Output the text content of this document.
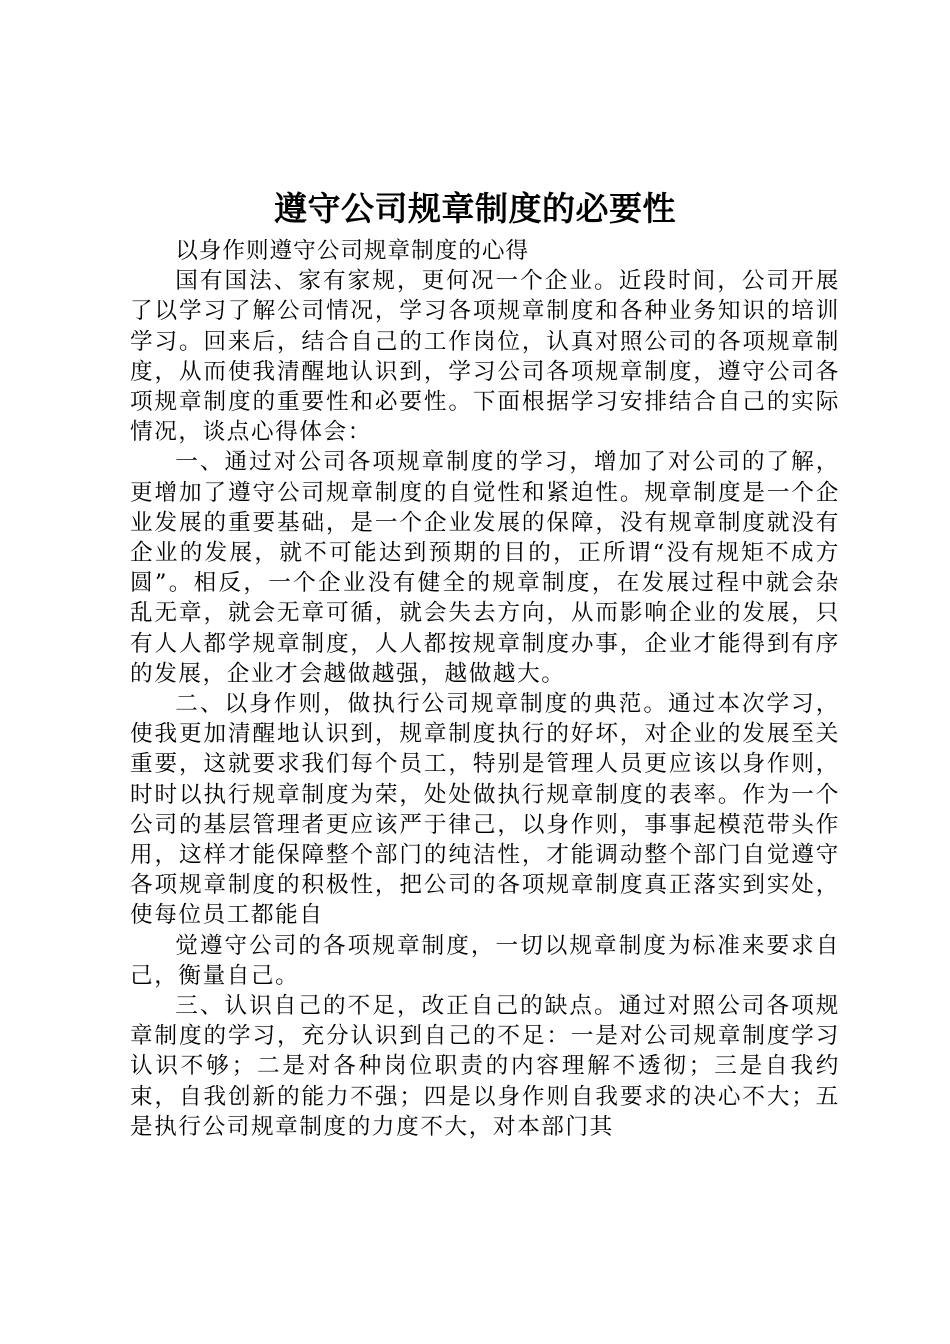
遵守公司规章制度的必要性

以身作则遵守公司规章制度的心得

国有国法、家有家规，更何况一个企业。近段时间，公司开展了以学习了解公司情况，学习各项规章制度和各种业务知识的培训学习。回来后，结合自己的工作岗位，认真对照公司的各项规章制度，从而使我清醒地认识到，学习公司各项规章制度，遵守公司各项规章制度的重要性和必要性。下面根据学习安排结合自己的实际情况，谈点心得体会：

一、通过对公司各项规章制度的学习，增加了对公司的了解，更增加了遵守公司规章制度的自觉性和紧迫性。规章制度是一个企业发展的重要基础，是一个企业发展的保障，没有规章制度就没有企业的发展，就不可能达到预期的目的，正所谓“没有规矩不成方圆”。相反，一个企业没有健全的规章制度，在发展过程中就会杂乱无章，就会无章可循，就会失去方向，从而影响企业的发展，只有人人都学规章制度，人人都按规章制度办事，企业才能得到有序的发展，企业才会越做越强，越做越大。

二、以身作则，做执行公司规章制度的典范。通过本次学习，使我更加清醒地认识到，规章制度执行的好坏，对企业的发展至关重要，这就要求我们每个员工，特别是管理人员更应该以身作则，时时以执行规章制度为荣，处处做执行规章制度的表率。作为一个公司的基层管理者更应该严于律己，以身作则，事事起模范带头作用，这样才能保障整个部门的纯洁性，才能调动整个部门自觉遵守各项规章制度的积极性，把公司的各项规章制度真正落实到实处，使每位员工都能自

觉遵守公司的各项规章制度，一切以规章制度为标准来要求自己，衡量自己。

三、认识自己的不足，改正自己的缺点。通过对照公司各项规章制度的学习，充分认识到自己的不足：一是对公司规章制度学习认识不够；二是对各种岗位职责的内容理解不透彻；三是自我约束，自我创新的能力不强；四是以身作则自我要求的决心不大；五是执行公司规章制度的力度不大，对本部门其
